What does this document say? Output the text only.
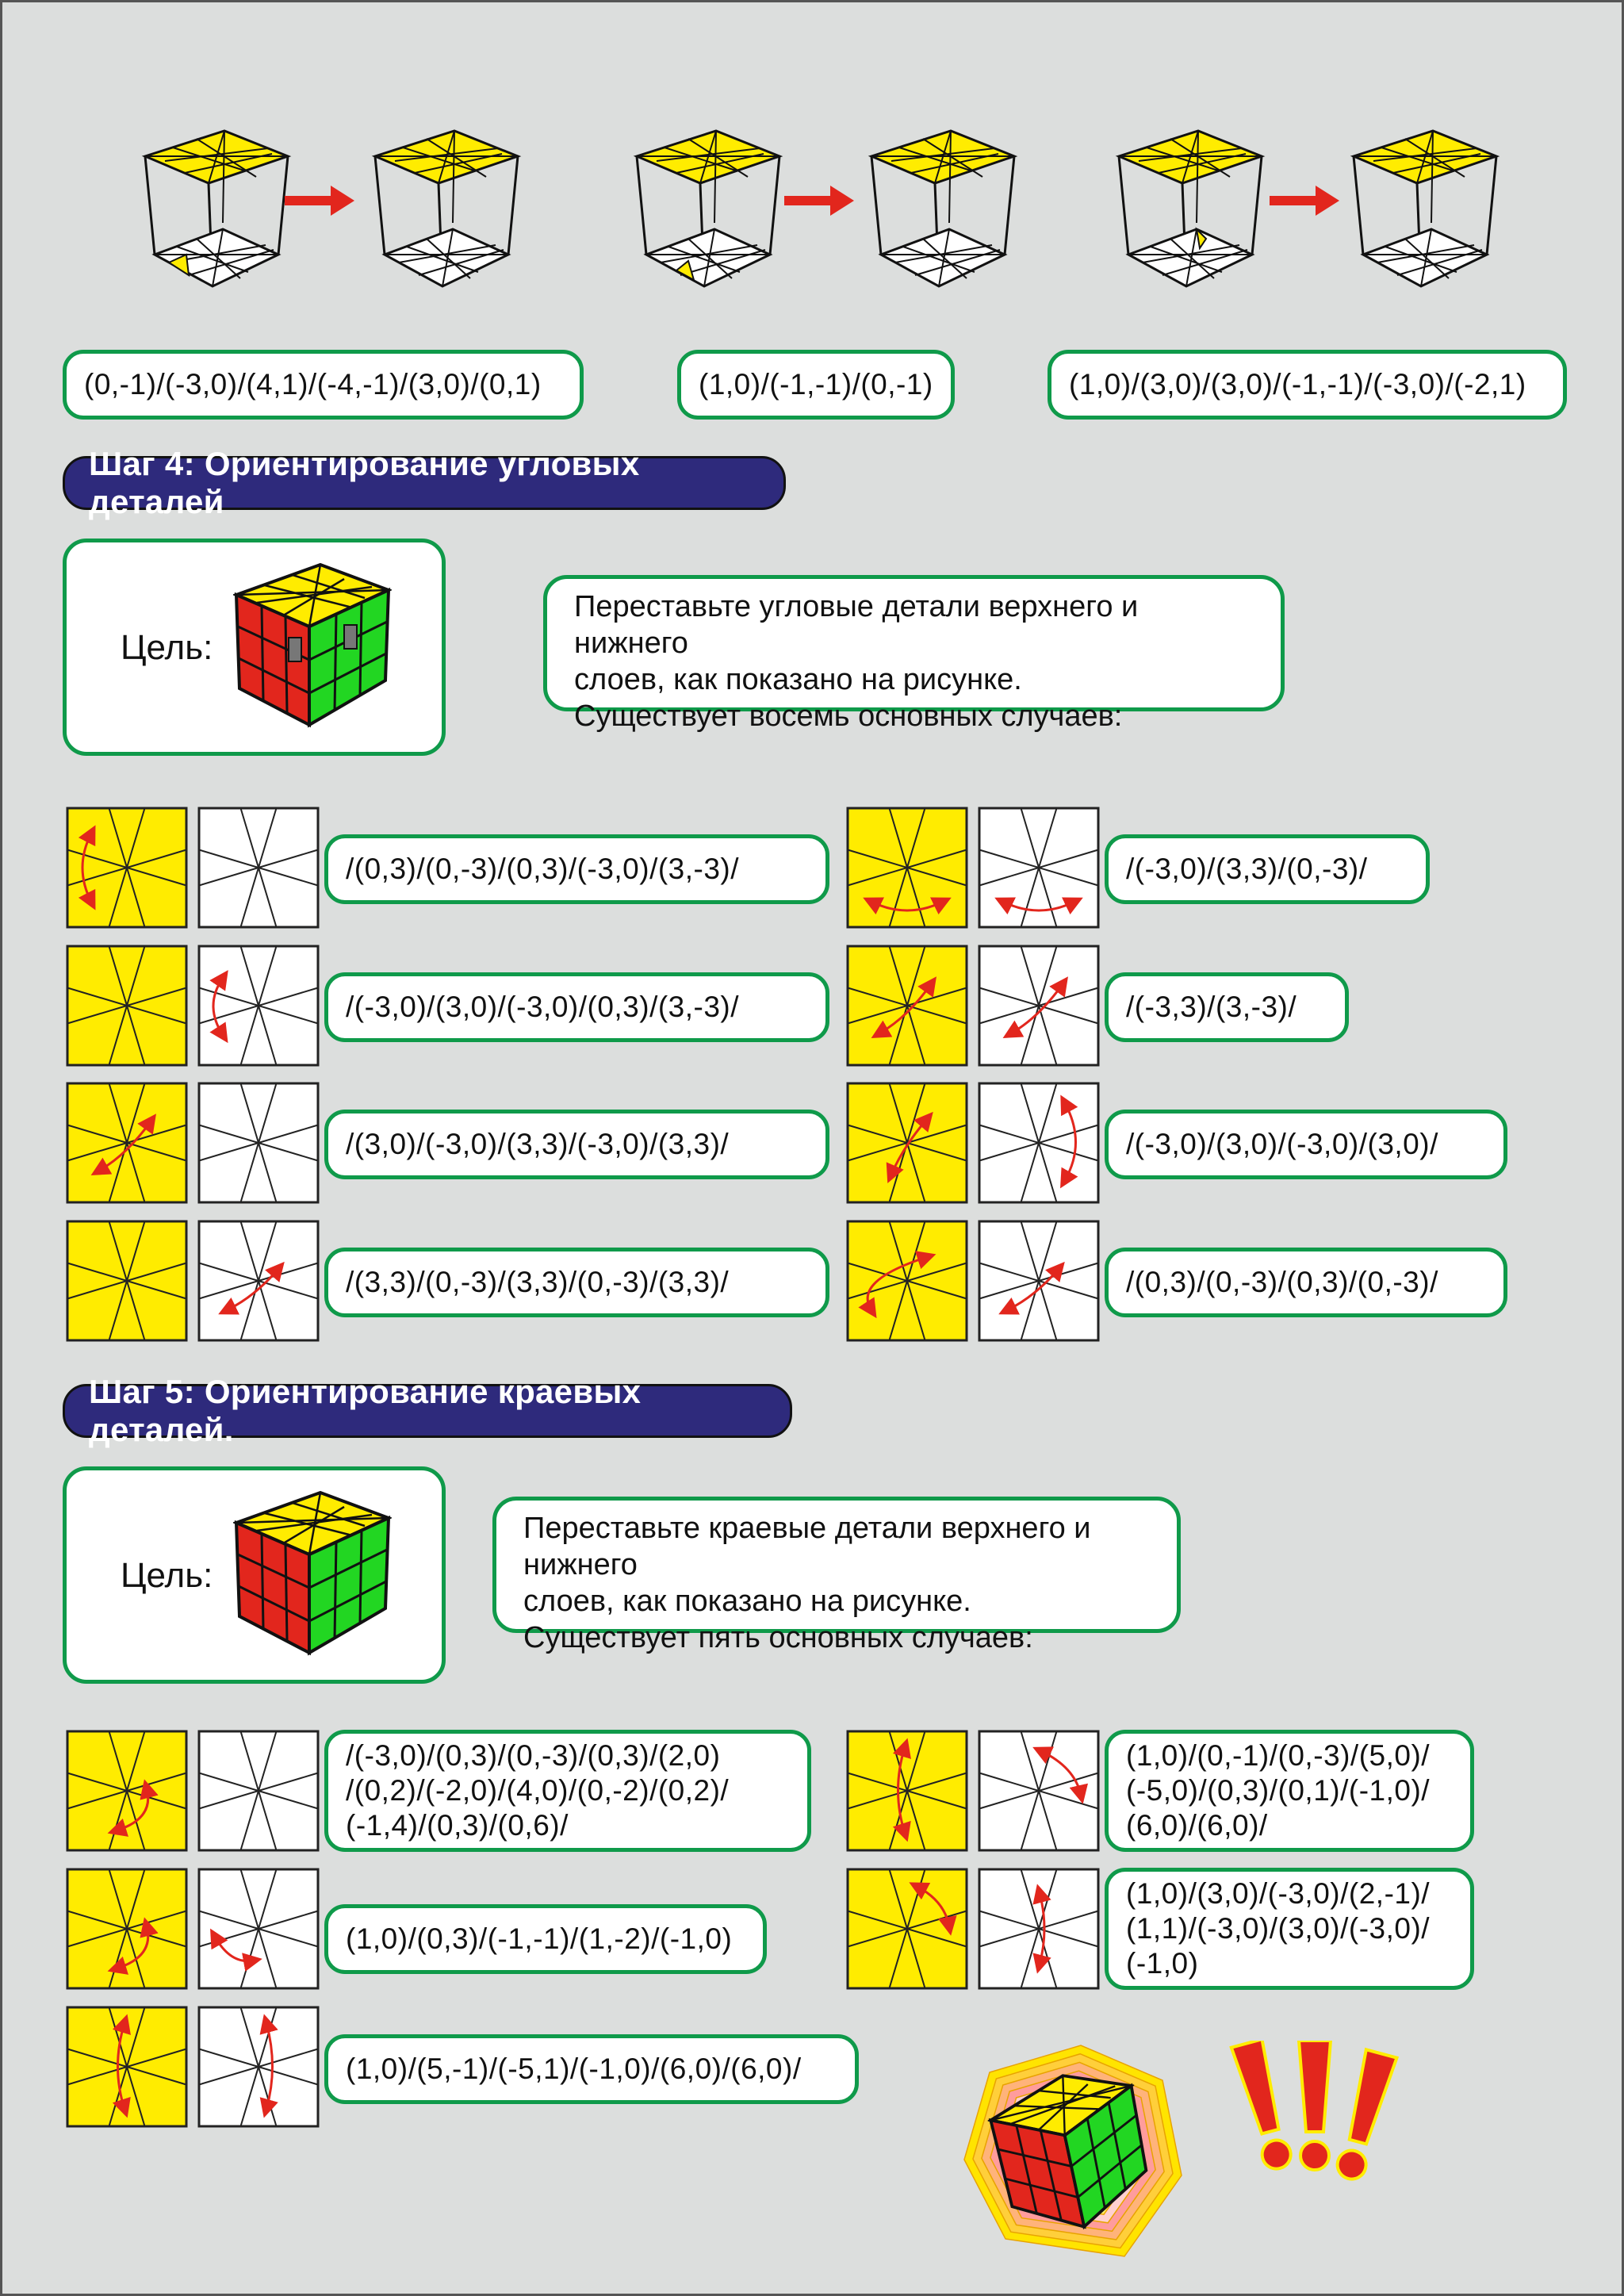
(0,-1)/(-3,0)/(4,1)/(-4,-1)/(3,0)/(0,1)	(1,0)/(-1,-1)/(0,-1)	(1,0)/(3,0)/(3,0)/(-1,-1)/(-3,0)/(-2,1)
Шаг 4: Ориентирование угловых деталей
Цель:
Переставьте угловые детали верхнего и нижнего
слоев, как показано на рисунке.
Существует восемь основных случаев:
Шаг 5: Ориентирование краевых деталей.
Цель:
Переставьте краевые детали верхнего и нижнего
слоев, как показано на рисунке.
Существует пять основных случаев:
/(0,3)/(0,-3)/(0,3)/(-3,0)/(3,-3)/
/(-3,0)/(3,0)/(-3,0)/(0,3)/(3,-3)/
/(3,0)/(-3,0)/(3,3)/(-3,0)/(3,3)/
/(3,3)/(0,-3)/(3,3)/(0,-3)/(3,3)/
/(-3,0)/(3,3)/(0,-3)/
/(-3,3)/(3,-3)/
/(-3,0)/(3,0)/(-3,0)/(3,0)/
/(0,3)/(0,-3)/(0,3)/(0,-3)/
/(-3,0)/(0,3)/(0,-3)/(0,3)/(2,0)
/(0,2)/(-2,0)/(4,0)/(0,-2)/(0,2)/
(-1,4)/(0,3)/(0,6)/
(1,0)/(0,-1)/(0,-3)/(5,0)/
(-5,0)/(0,3)/(0,1)/(-1,0)/
(6,0)/(6,0)/
(1,0)/(0,3)/(-1,-1)/(1,-2)/(-1,0)
(1,0)/(3,0)/(-3,0)/(2,-1)/
(1,1)/(-3,0)/(3,0)/(-3,0)/
(-1,0)
(1,0)/(5,-1)/(-5,1)/(-1,0)/(6,0)/(6,0)/
